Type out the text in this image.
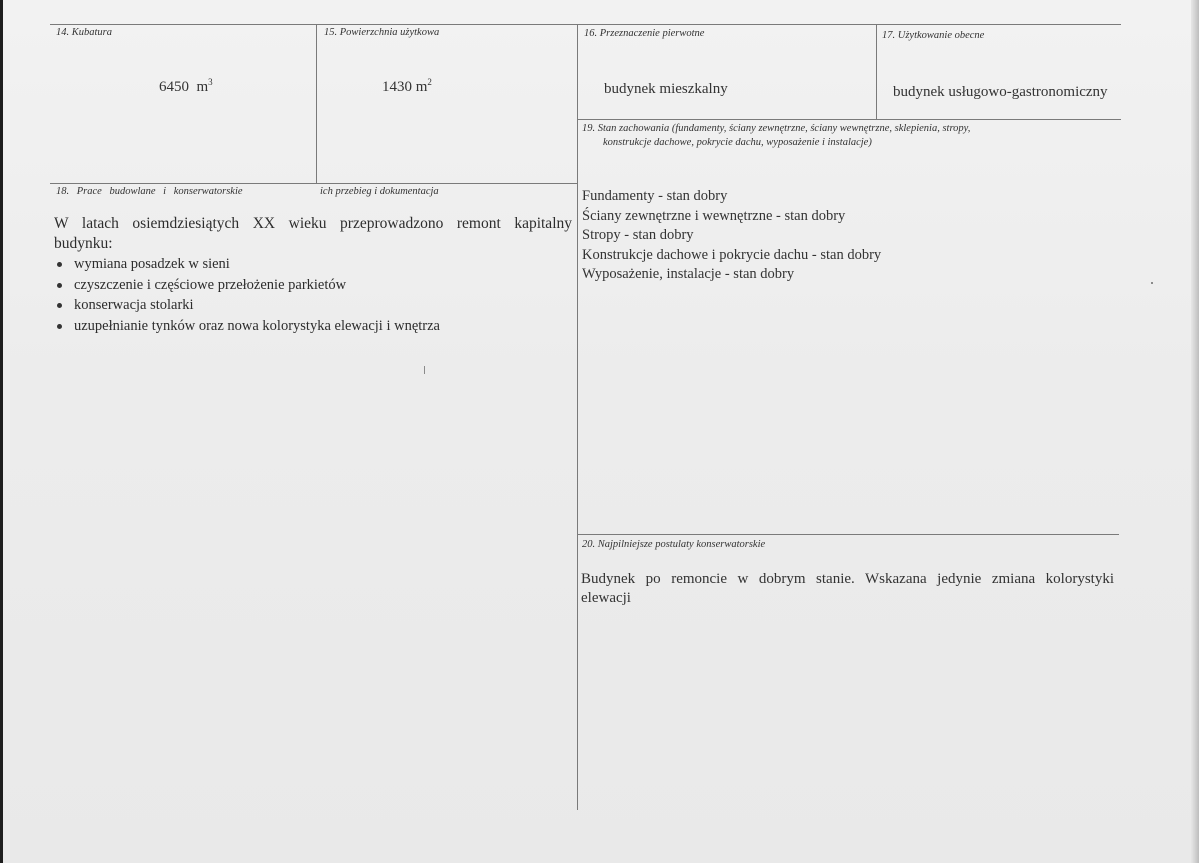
14. Kubatura
6450 $m^3$
15. Powierzchnia użytkowa
1430 $m^2$
16. Przeznaczenie pierwotne
budynek mieszkalny
17. Użytkowanie obecne
budynek usługowo-gastronomiczny
19. Stan zachowania (fundamenty, ściany zewnętrzne, ściany wewnętrzne, sklepienia, stropy,
konstrukcje dachowe, pokrycie dachu, wyposażenie i instalacje)
Fundamenty - stan dobry
Ściany zewnętrzne i wewnętrzne - stan dobry
Stropy - stan dobry
Konstrukcje dachowe i pokrycie dachu - stan dobry
Wyposażenie, instalacje - stan dobry
18. Prace budowlane i konserwatorskie	ich przebieg i dokumentacja
W latach osiemdziesiątych XX wieku przeprowadzono remont kapitalny
budynku:
wymiana posadzek w sieni
czyszczenie i częściowe przełożenie parkietów
konserwacja stolarki
uzupełnianie tynków oraz nowa kolorystyka elewacji i wnętrza
20. Najpilniejsze postulaty konserwatorskie
Budynek po remoncie w dobrym stanie. Wskazana jedynie zmiana kolorystyki
elewacji
